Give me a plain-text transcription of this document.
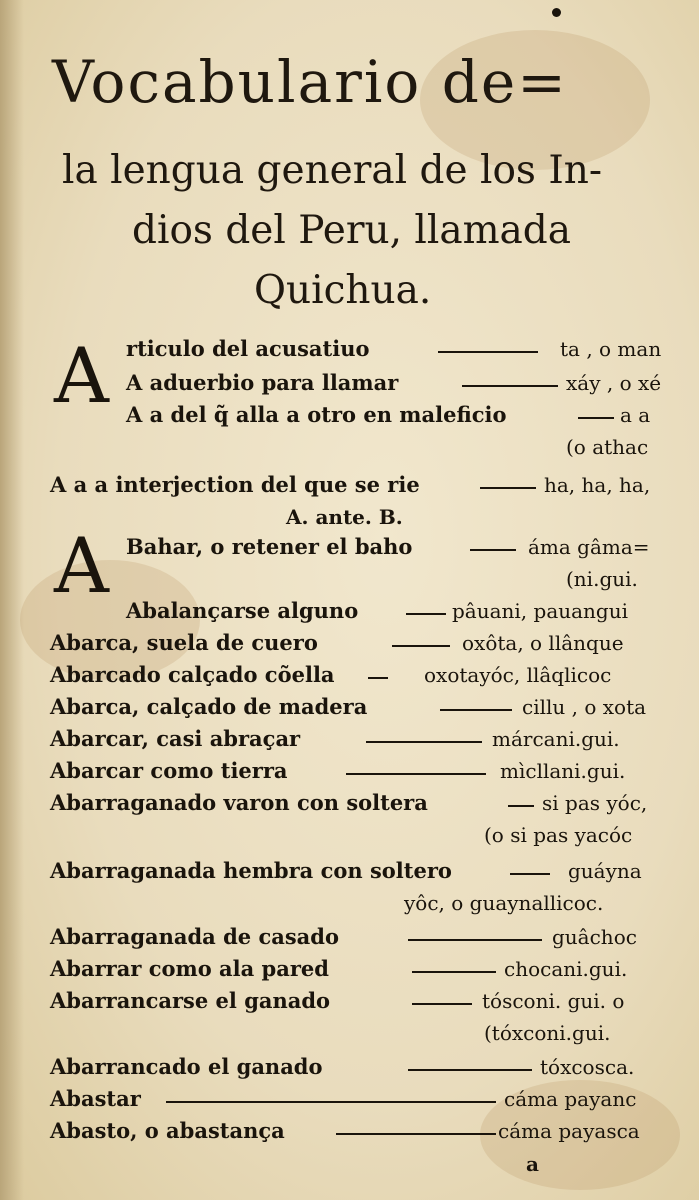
Vocabulario de=
la lengua general de los In-
dios del Peru, llamada
Quichua.
A
A
rticulo del acusatiuo	ta , o man
A aduerbio para llamar	xáy , o xé
A a del q̃ alla a otro en maleficio	a a
(o athac
A a a interjection del que se rie	ha, ha, ha,
A. ante. B.
Bahar, o retener el baho	áma gâma=
(ni.gui.
Abalançarse alguno	pâuani, pauangui
Abarca, suela de cuero	oxôta, o llânque
Abarcado calçado cõella	oxotayóc, llâqlicoc
Abarca, calçado de madera	cillu , o xota
Abarcar, casi abraçar	márcani.gui.
Abarcar como tierra	mìcllani.gui.
Abarraganado varon con soltera	si pas yóc,
(o si pas yacóc
Abarraganada hembra con soltero	guáyna
yôc, o guaynallicoc.
Abarraganada de casado	guâchoc
Abarrar como ala pared	chocani.gui.
Abarrancarse el ganado	tósconi. gui. o
(tóxconi.gui.
Abarrancado el ganado	tóxcosca.
Abastar	cáma payanc
Abasto, o abastança	cáma payasca
a
